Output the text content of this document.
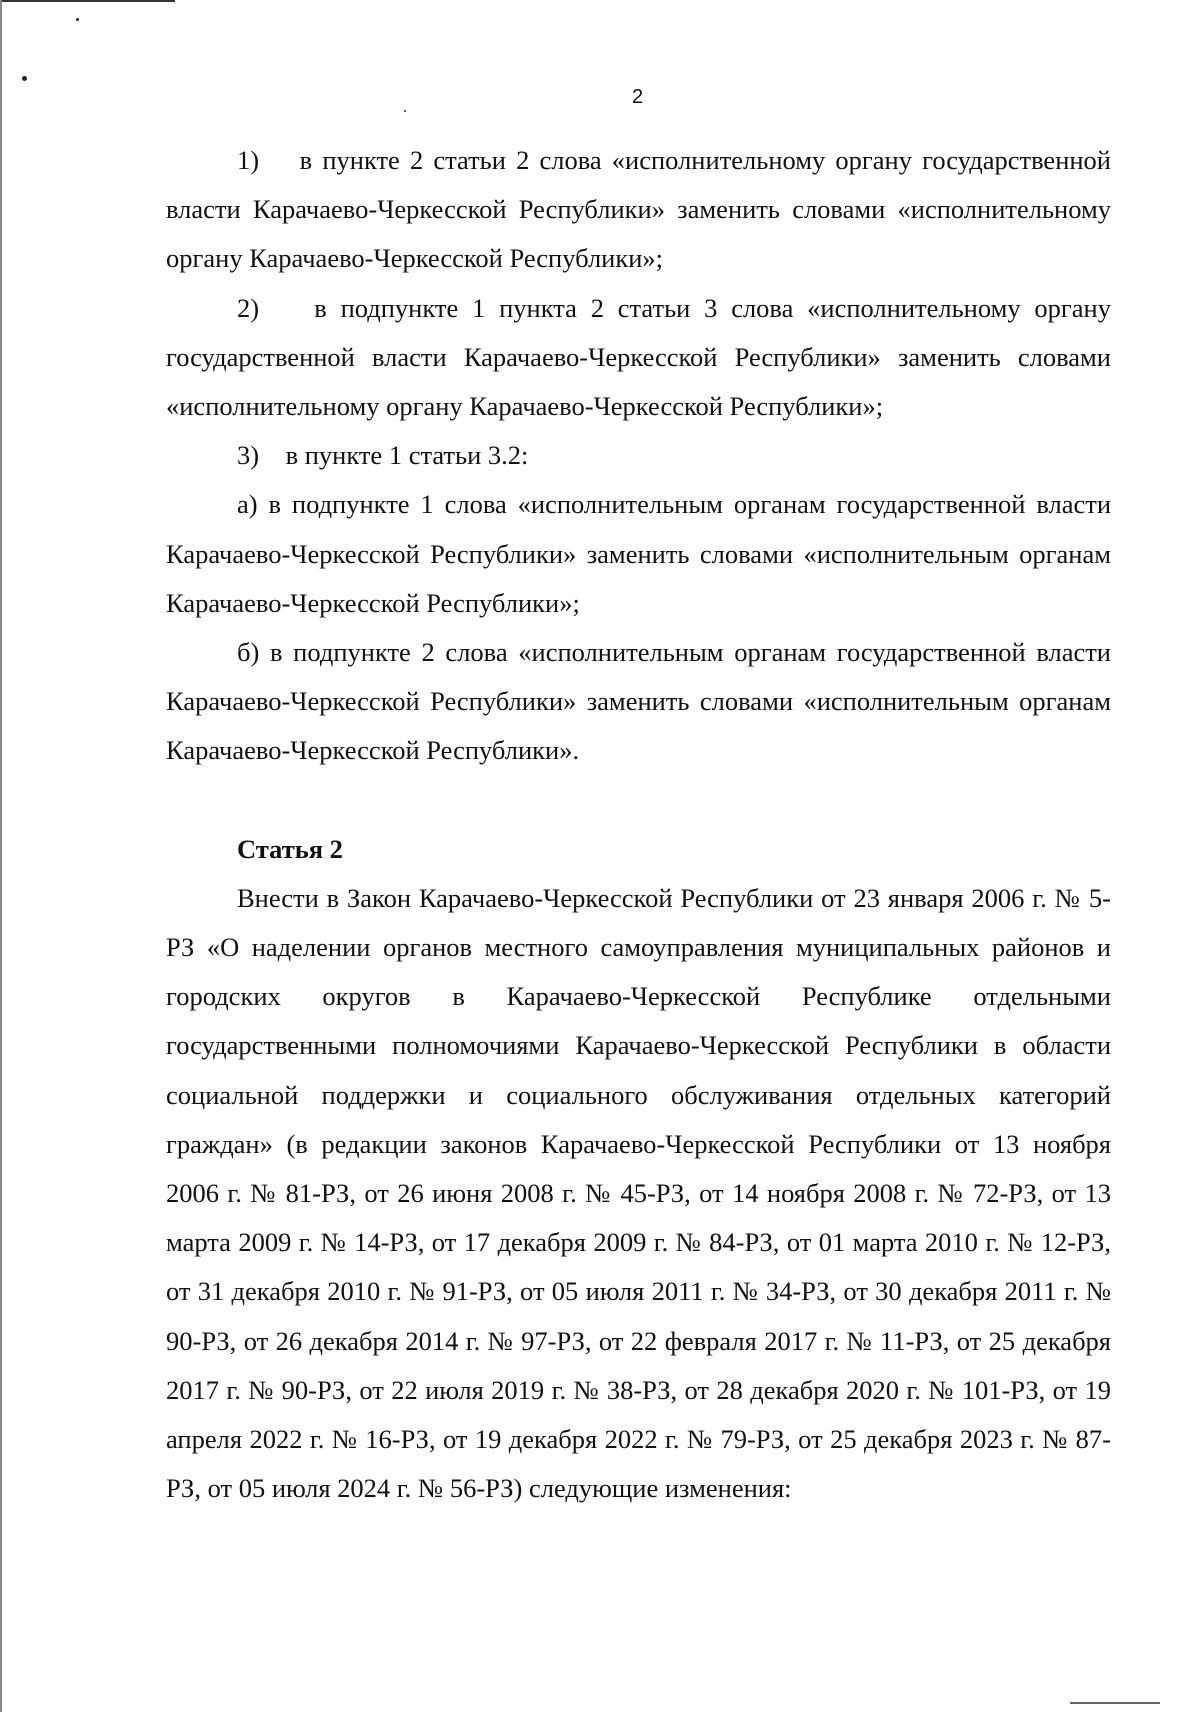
2

1)    в пункте 2 статьи 2 слова «исполнительному органу государственной власти Карачаево-Черкесской Республики» заменить словами «исполнительному органу Карачаево-Черкесской Республики»;

2)    в подпункте 1 пункта 2 статьи 3 слова «исполнительному органу государственной власти Карачаево-Черкесской Республики» заменить словами «исполнительному органу Карачаево-Черкесской Республики»;

3)    в пункте 1 статьи 3.2:

а) в подпункте 1 слова «исполнительным органам государственной власти Карачаево-Черкесской Республики» заменить словами «исполнительным органам Карачаево-Черкесской Республики»;

б) в подпункте 2 слова «исполнительным органам государственной власти Карачаево-Черкесской Республики» заменить словами «исполнительным органам Карачаево-Черкесской Республики».

Статья 2

Внести в Закон Карачаево-Черкесской Республики от 23 января 2006 г. № 5-РЗ «О наделении органов местного самоуправления муниципальных районов и городских округов в Карачаево-Черкесской Республике отдельными государственными полномочиями Карачаево-Черкесской Республики в области социальной поддержки и социального обслуживания отдельных категорий граждан» (в редакции законов Карачаево-Черкесской Республики от 13 ноября 2006 г. № 81-РЗ, от 26 июня 2008 г. № 45-РЗ, от 14 ноября 2008 г. № 72-РЗ, от 13 марта 2009 г. № 14-РЗ, от 17 декабря 2009 г. № 84-РЗ, от 01 марта 2010 г. № 12-РЗ, от 31 декабря 2010 г. № 91-РЗ, от 05 июля 2011 г. № 34-РЗ, от 30 декабря 2011 г. № 90-РЗ, от 26 декабря 2014 г. № 97-РЗ, от 22 февраля 2017 г. № 11-РЗ, от 25 декабря 2017 г. № 90-РЗ, от 22 июля 2019 г. № 38-РЗ, от 28 декабря 2020 г. № 101-РЗ, от 19 апреля 2022 г. № 16-РЗ, от 19 декабря 2022 г. № 79-РЗ, от 25 декабря 2023 г. № 87-РЗ, от 05 июля 2024 г. № 56-РЗ) следующие изменения:
